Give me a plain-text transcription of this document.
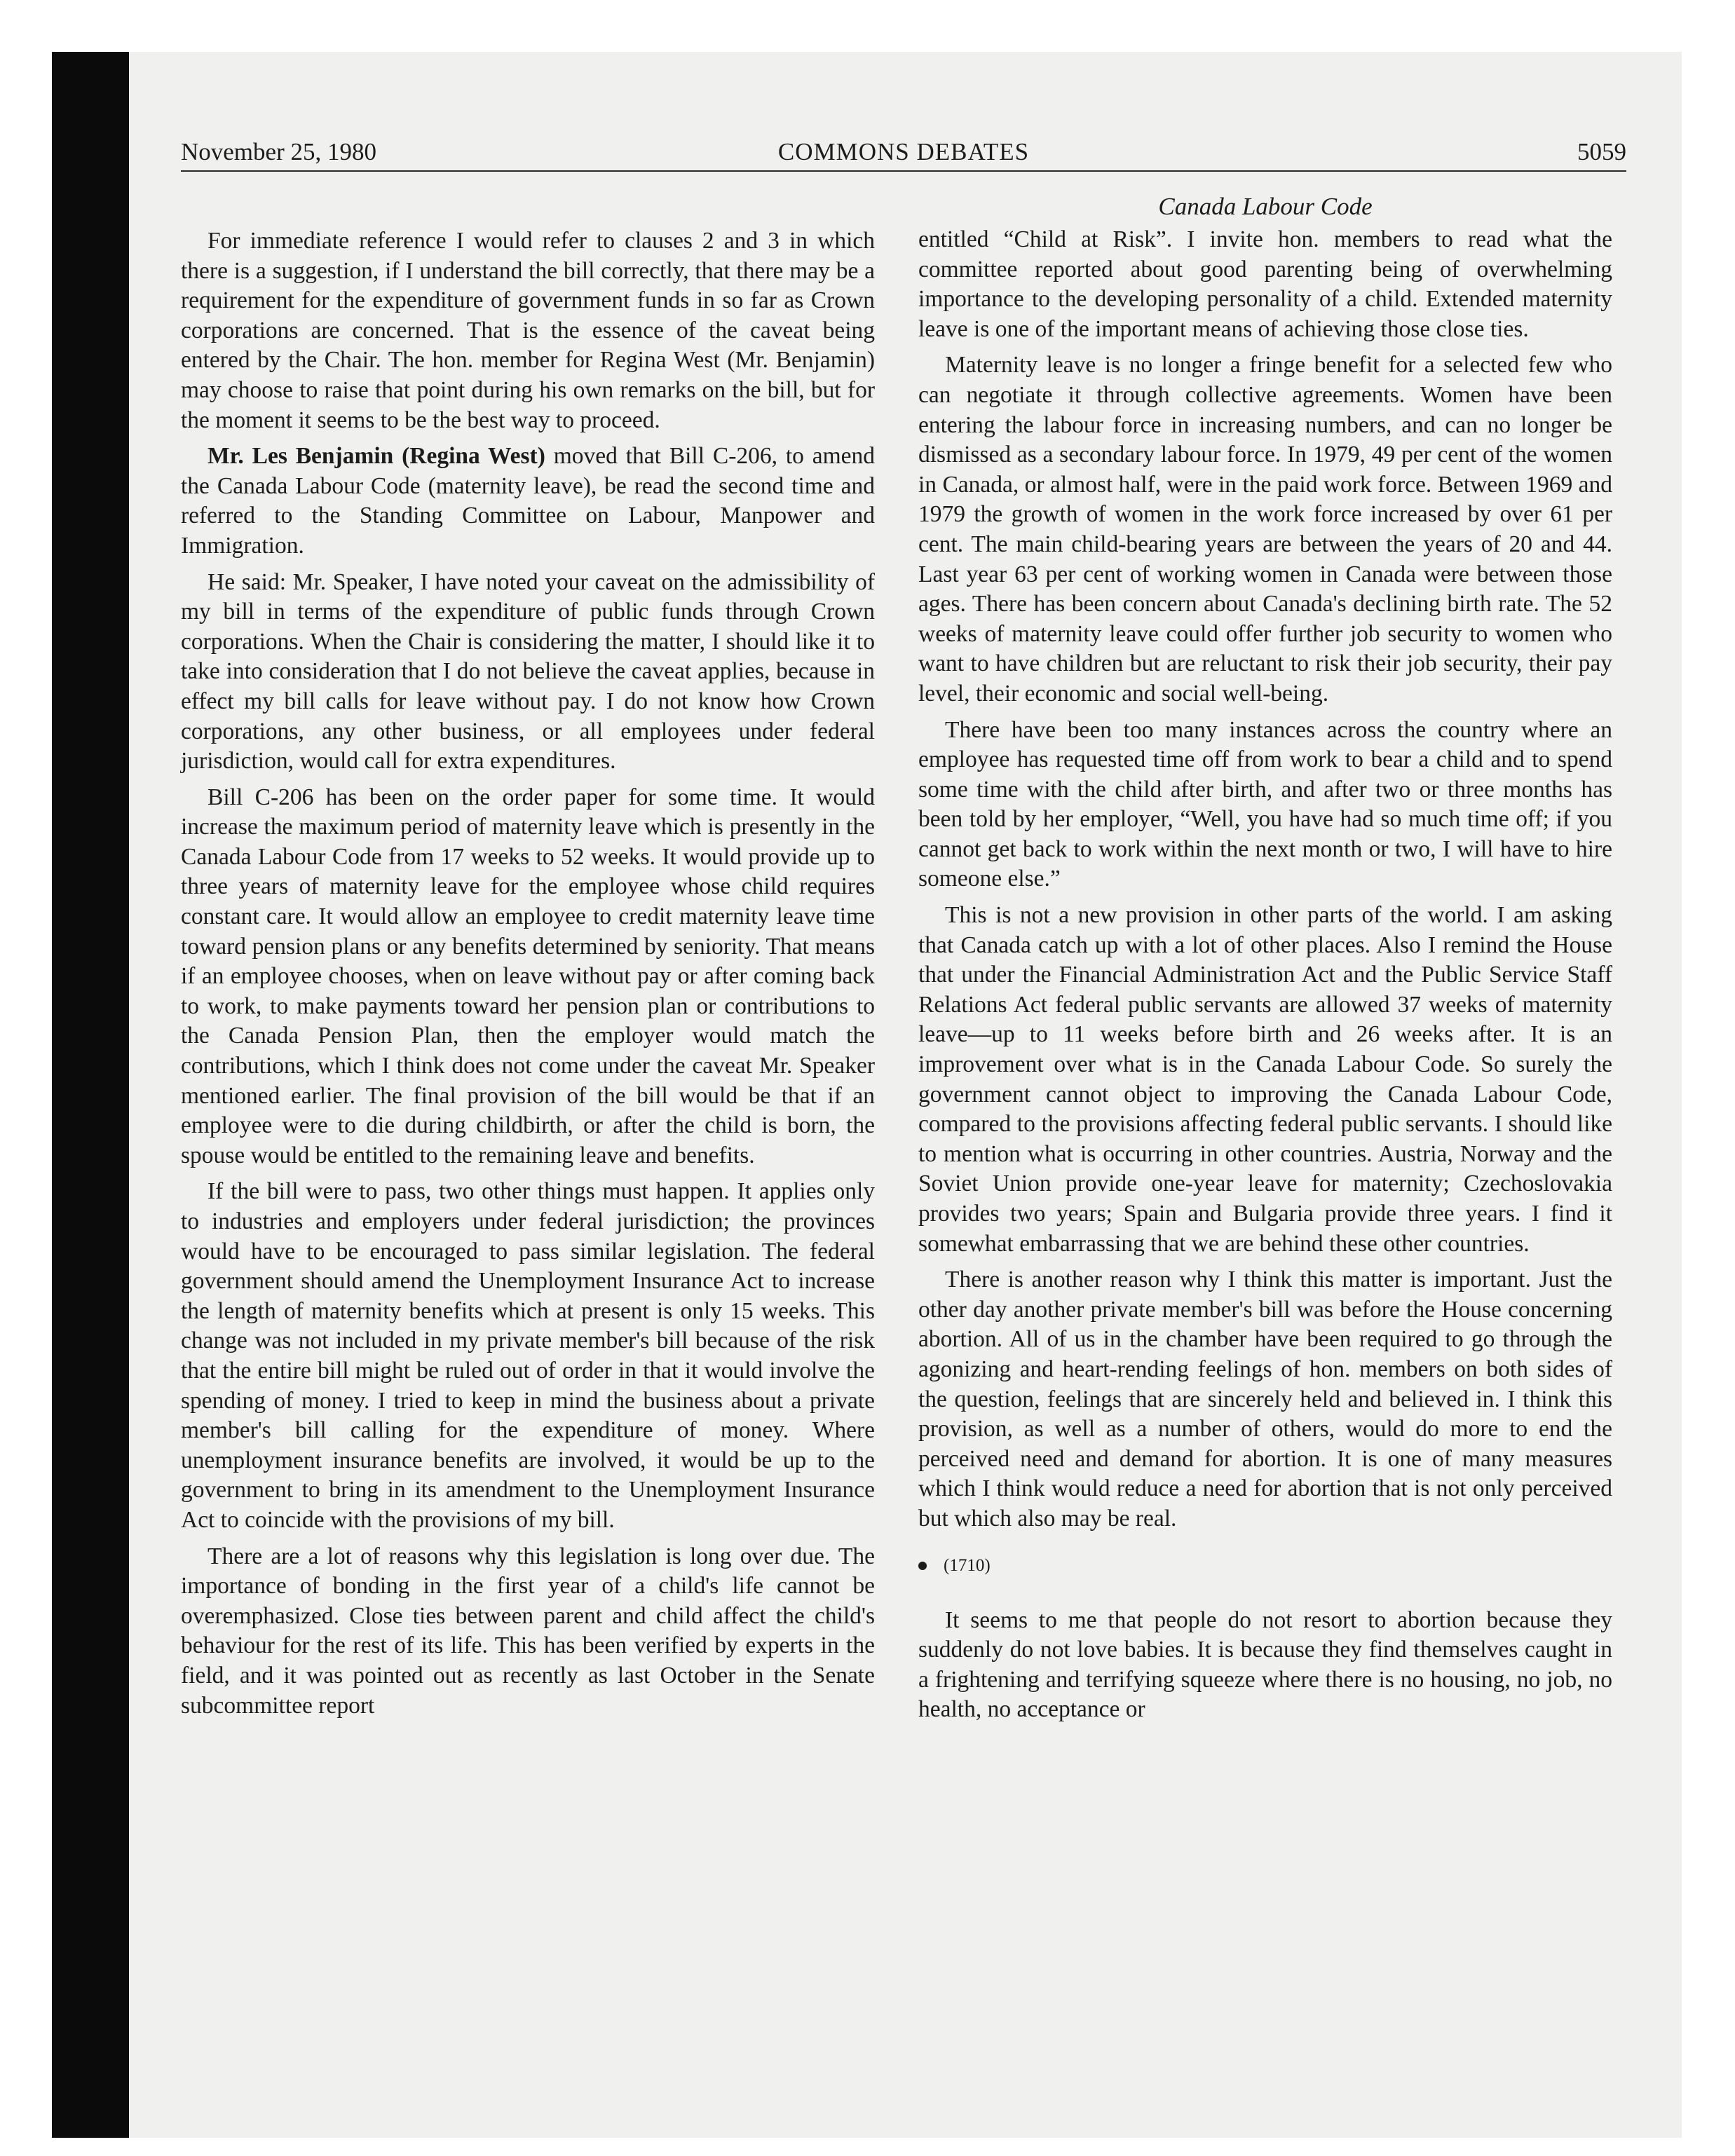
November 25, 1980	COMMONS DEBATES	5059

For immediate reference I would refer to clauses 2 and 3 in which there is a suggestion, if I understand the bill correctly, that there may be a requirement for the expenditure of government funds in so far as Crown corporations are concerned. That is the essence of the caveat being entered by the Chair. The hon. member for Regina West (Mr. Benjamin) may choose to raise that point during his own remarks on the bill, but for the moment it seems to be the best way to proceed.

Mr. Les Benjamin (Regina West) moved that Bill C-206, to amend the Canada Labour Code (maternity leave), be read the second time and referred to the Standing Committee on Labour, Manpower and Immigration.

He said: Mr. Speaker, I have noted your caveat on the admissibility of my bill in terms of the expenditure of public funds through Crown corporations. When the Chair is considering the matter, I should like it to take into consideration that I do not believe the caveat applies, because in effect my bill calls for leave without pay. I do not know how Crown corporations, any other business, or all employees under federal jurisdiction, would call for extra expenditures.

Bill C-206 has been on the order paper for some time. It would increase the maximum period of maternity leave which is presently in the Canada Labour Code from 17 weeks to 52 weeks. It would provide up to three years of maternity leave for the employee whose child requires constant care. It would allow an employee to credit maternity leave time toward pension plans or any benefits determined by seniority. That means if an employee chooses, when on leave without pay or after coming back to work, to make payments toward her pension plan or contributions to the Canada Pension Plan, then the employer would match the contributions, which I think does not come under the caveat Mr. Speaker mentioned earlier. The final provision of the bill would be that if an employee were to die during childbirth, or after the child is born, the spouse would be entitled to the remaining leave and benefits.

If the bill were to pass, two other things must happen. It applies only to industries and employers under federal jurisdiction; the provinces would have to be encouraged to pass similar legislation. The federal government should amend the Unemployment Insurance Act to increase the length of maternity benefits which at present is only 15 weeks. This change was not included in my private member's bill because of the risk that the entire bill might be ruled out of order in that it would involve the spending of money. I tried to keep in mind the business about a private member's bill calling for the expenditure of money. Where unemployment insurance benefits are involved, it would be up to the government to bring in its amendment to the Unemployment Insurance Act to coincide with the provisions of my bill.

There are a lot of reasons why this legislation is long over due. The importance of bonding in the first year of a child's life cannot be overemphasized. Close ties between parent and child affect the child's behaviour for the rest of its life. This has been verified by experts in the field, and it was pointed out as recently as last October in the Senate subcommittee report

Canada Labour Code

entitled “Child at Risk”. I invite hon. members to read what the committee reported about good parenting being of overwhelming importance to the developing personality of a child. Extended maternity leave is one of the important means of achieving those close ties.

Maternity leave is no longer a fringe benefit for a selected few who can negotiate it through collective agreements. Women have been entering the labour force in increasing numbers, and can no longer be dismissed as a secondary labour force. In 1979, 49 per cent of the women in Canada, or almost half, were in the paid work force. Between 1969 and 1979 the growth of women in the work force increased by over 61 per cent. The main child-bearing years are between the years of 20 and 44. Last year 63 per cent of working women in Canada were between those ages. There has been concern about Canada's declining birth rate. The 52 weeks of maternity leave could offer further job security to women who want to have children but are reluctant to risk their job security, their pay level, their economic and social well-being.

There have been too many instances across the country where an employee has requested time off from work to bear a child and to spend some time with the child after birth, and after two or three months has been told by her employer, “Well, you have had so much time off; if you cannot get back to work within the next month or two, I will have to hire someone else.”

This is not a new provision in other parts of the world. I am asking that Canada catch up with a lot of other places. Also I remind the House that under the Financial Administration Act and the Public Service Staff Relations Act federal public servants are allowed 37 weeks of maternity leave—up to 11 weeks before birth and 26 weeks after. It is an improvement over what is in the Canada Labour Code. So surely the government cannot object to improving the Canada Labour Code, compared to the provisions affecting federal public servants. I should like to mention what is occurring in other countries. Austria, Norway and the Soviet Union provide one-year leave for maternity; Czechoslovakia provides two years; Spain and Bulgaria provide three years. I find it somewhat embarrassing that we are behind these other countries.

There is another reason why I think this matter is important. Just the other day another private member's bill was before the House concerning abortion. All of us in the chamber have been required to go through the agonizing and heart-rending feelings of hon. members on both sides of the question, feelings that are sincerely held and believed in. I think this provision, as well as a number of others, would do more to end the perceived need and demand for abortion. It is one of many measures which I think would reduce a need for abortion that is not only perceived but which also may be real.

(1710)

It seems to me that people do not resort to abortion because they suddenly do not love babies. It is because they find themselves caught in a frightening and terrifying squeeze where there is no housing, no job, no health, no acceptance or
